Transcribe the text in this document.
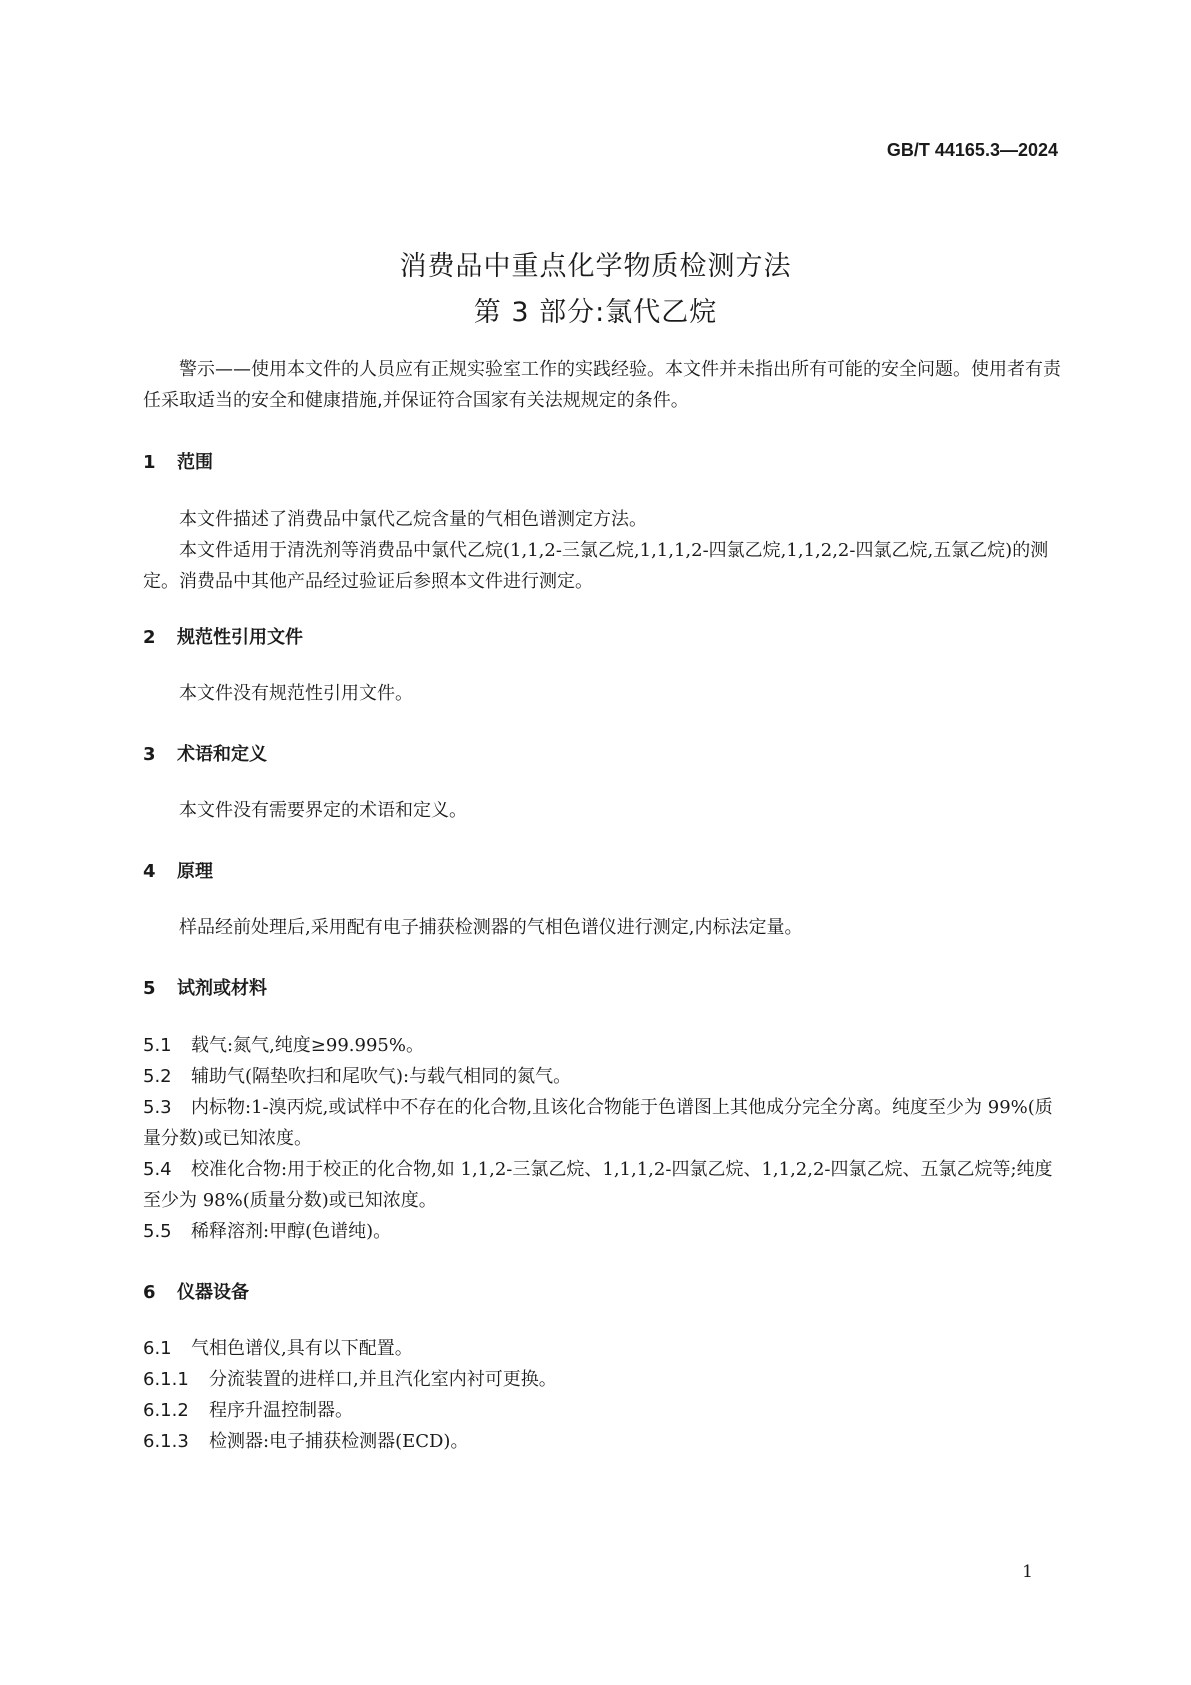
GB/T 44165.3—2024
消费品中重点化学物质检测方法
第 3 部分:氯代乙烷
警示——使用本文件的人员应有正规实验室工作的实践经验。本文件并未指出所有可能的安全问题。使用者有责任采取适当的安全和健康措施,并保证符合国家有关法规规定的条件。
1 范围
本文件描述了消费品中氯代乙烷含量的气相色谱测定方法。
本文件适用于清洗剂等消费品中氯代乙烷(1,1,2-三氯乙烷,1,1,1,2-四氯乙烷,1,1,2,2-四氯乙烷,五氯乙烷)的测定。消费品中其他产品经过验证后参照本文件进行测定。
2 规范性引用文件
本文件没有规范性引用文件。
3 术语和定义
本文件没有需要界定的术语和定义。
4 原理
样品经前处理后,采用配有电子捕获检测器的气相色谱仪进行测定,内标法定量。
5 试剂或材料
5.1 载气:氮气,纯度≥99.995%。
5.2 辅助气(隔垫吹扫和尾吹气):与载气相同的氮气。
5.3 内标物:1-溴丙烷,或试样中不存在的化合物,且该化合物能于色谱图上其他成分完全分离。纯度至少为 99%(质量分数)或已知浓度。
5.4 校准化合物:用于校正的化合物,如 1,1,2-三氯乙烷、1,1,1,2-四氯乙烷、1,1,2,2-四氯乙烷、五氯乙烷等;纯度至少为 98%(质量分数)或已知浓度。
5.5 稀释溶剂:甲醇(色谱纯)。
6 仪器设备
6.1 气相色谱仪,具有以下配置。
6.1.1 分流装置的进样口,并且汽化室内衬可更换。
6.1.2 程序升温控制器。
6.1.3 检测器:电子捕获检测器(ECD)。
1
